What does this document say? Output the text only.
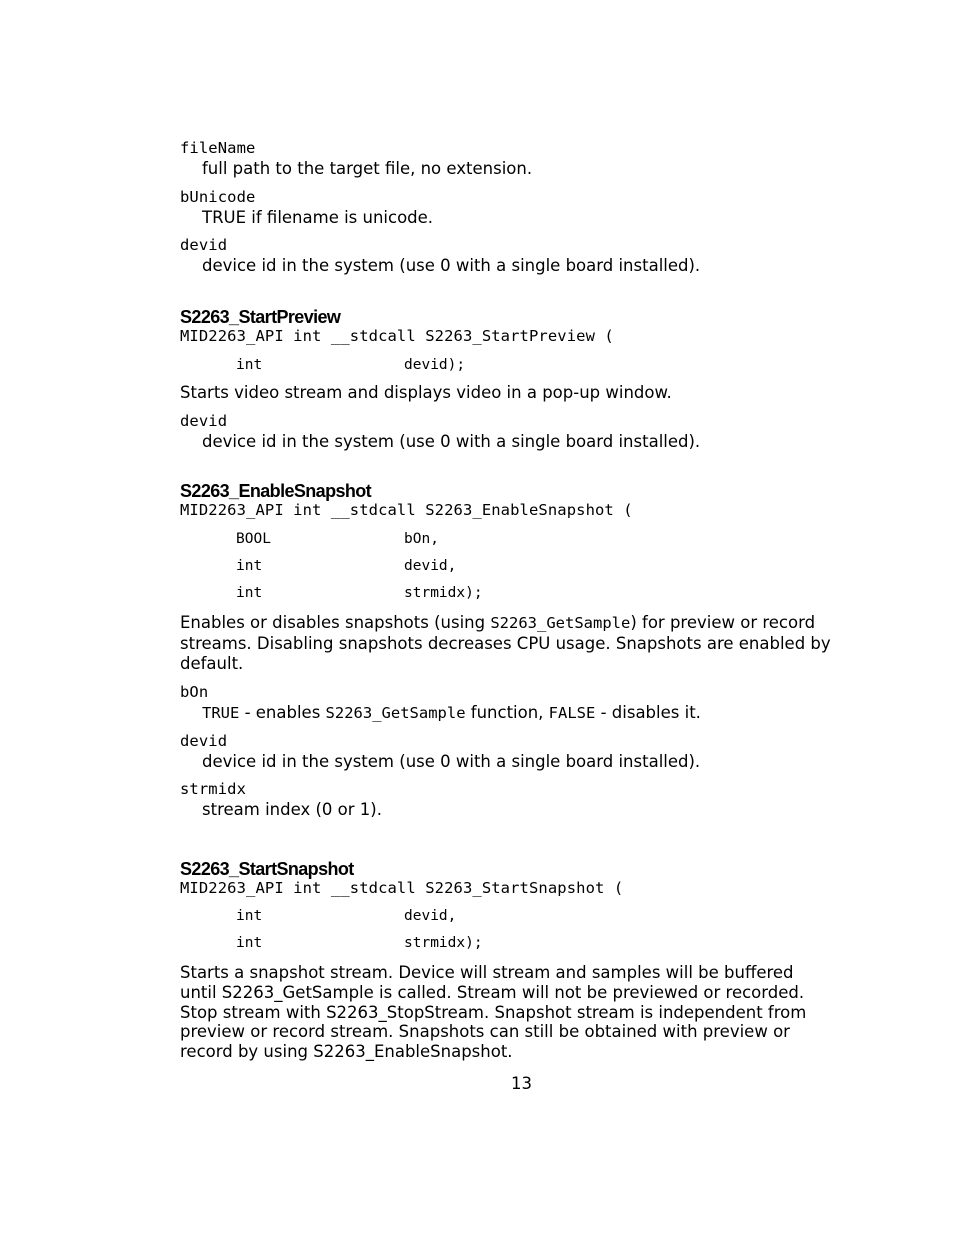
fileName
full path to the target file, no extension.
bUnicode
TRUE if filename is unicode.
devid
device id in the system (use 0 with a single board installed).
S2263_StartPreview
MID2263_API int __stdcall S2263_StartPreview (
int	devid);
Starts video stream and displays video in a pop-up window.
devid
device id in the system (use 0 with a single board installed).
S2263_EnableSnapshot
MID2263_API int __stdcall S2263_EnableSnapshot (
BOOL	bOn,
int	devid,
int	strmidx);
Enables or disables snapshots (using S2263_GetSample) for preview or record
streams. Disabling snapshots decreases CPU usage. Snapshots are enabled by
default.
bOn
TRUE - enables S2263_GetSample function, FALSE - disables it.
devid
device id in the system (use 0 with a single board installed).
strmidx
stream index (0 or 1).
S2263_StartSnapshot
MID2263_API int __stdcall S2263_StartSnapshot (
int	devid,
int	strmidx);
Starts a snapshot stream. Device will stream and samples will be buffered
until S2263_GetSample is called. Stream will not be previewed or recorded.
Stop stream with S2263_StopStream. Snapshot stream is independent from
preview or record stream. Snapshots can still be obtained with preview or
record by using S2263_EnableSnapshot.
13
